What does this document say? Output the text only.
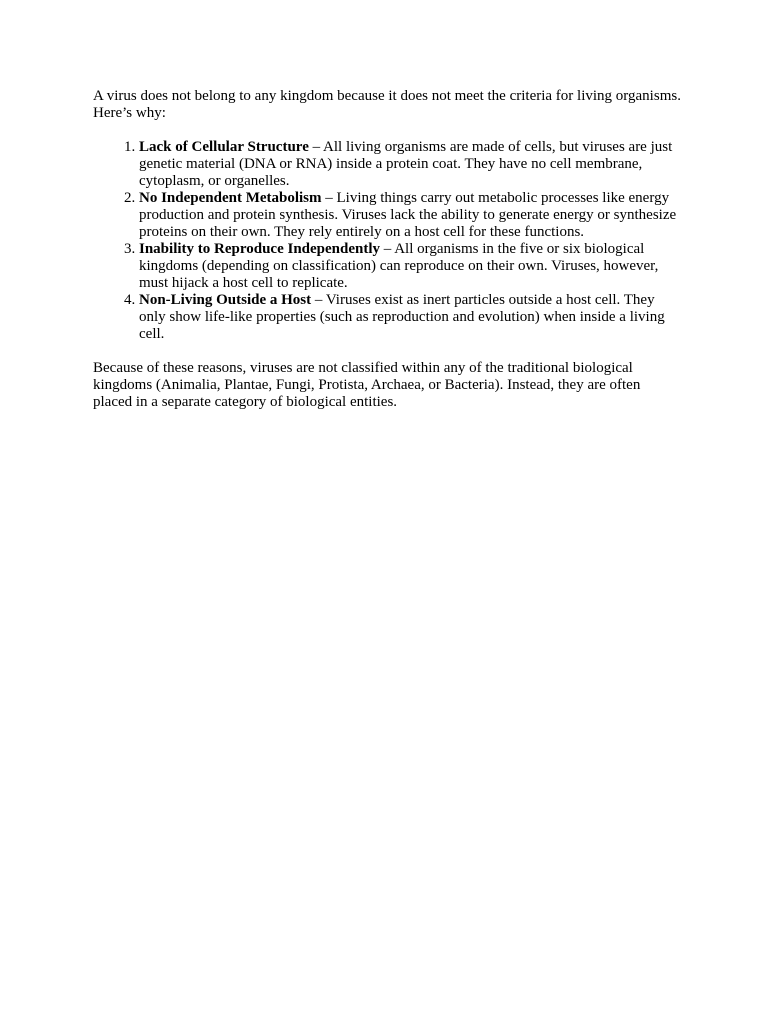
A virus does not belong to any kingdom because it does not meet the criteria for living organisms. Here’s why:

1. Lack of Cellular Structure – All living organisms are made of cells, but viruses are just genetic material (DNA or RNA) inside a protein coat. They have no cell membrane, cytoplasm, or organelles.
2. No Independent Metabolism – Living things carry out metabolic processes like energy production and protein synthesis. Viruses lack the ability to generate energy or synthesize proteins on their own. They rely entirely on a host cell for these functions.
3. Inability to Reproduce Independently – All organisms in the five or six biological kingdoms (depending on classification) can reproduce on their own. Viruses, however, must hijack a host cell to replicate.
4. Non-Living Outside a Host – Viruses exist as inert particles outside a host cell. They only show life-like properties (such as reproduction and evolution) when inside a living cell.

Because of these reasons, viruses are not classified within any of the traditional biological kingdoms (Animalia, Plantae, Fungi, Protista, Archaea, or Bacteria). Instead, they are often placed in a separate category of biological entities.
